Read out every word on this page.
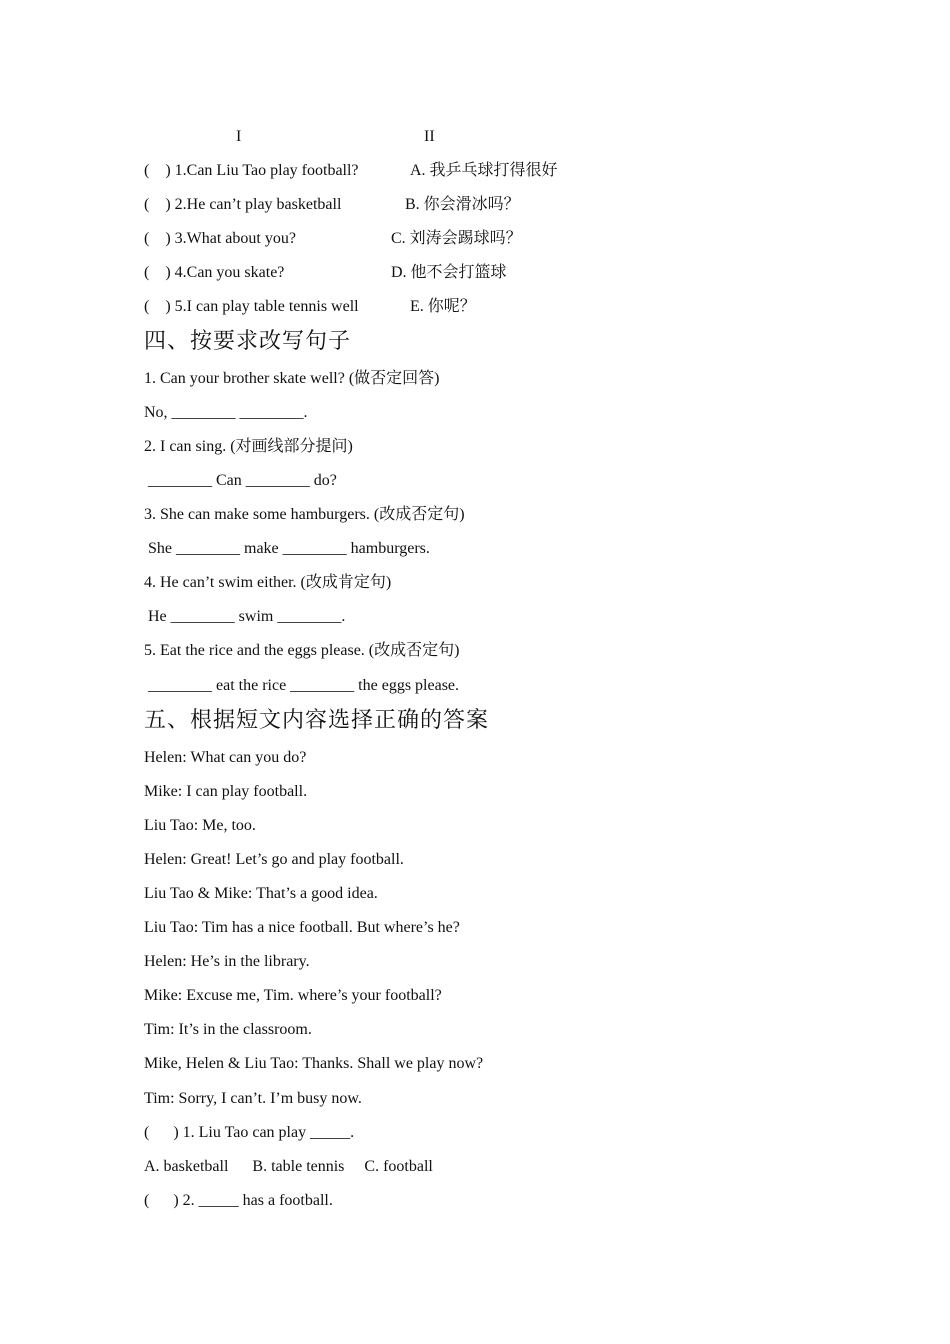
I	II
(    ) 1.Can Liu Tao play football?	A. 我乒乓球打得很好
(    ) 2.He can’t play basketball	B. 你会滑冰吗？
(    ) 3.What about you?	C. 刘涛会踢球吗？
(    ) 4.Can you skate?	D. 他不会打篮球
(    ) 5.I can play table tennis well	E. 你呢？
四、按要求改写句子
1. Can your brother skate well? (做否定回答)
No, ________ ________.
2. I can sing. (对画线部分提问)
________ Can ________ do?
3. She can make some hamburgers. (改成否定句)
She ________ make ________ hamburgers.
4. He can’t swim either. (改成肯定句)
He ________ swim ________.
5. Eat the rice and the eggs please. (改成否定句)
________ eat the rice ________ the eggs please.
五、根据短文内容选择正确的答案
Helen: What can you do?
Mike: I can play football.
Liu Tao: Me, too.
Helen: Great! Let’s go and play football.
Liu Tao & Mike: That’s a good idea.
Liu Tao: Tim has a nice football. But where’s he?
Helen: He’s in the library.
Mike: Excuse me, Tim. where’s your football?
Tim: It’s in the classroom.
Mike, Helen & Liu Tao: Thanks. Shall we play now?
Tim: Sorry, I can’t. I’m busy now.
(      ) 1. Liu Tao can play _____.
A. basketball      B. table tennis     C. football
(      ) 2. _____ has a football.
